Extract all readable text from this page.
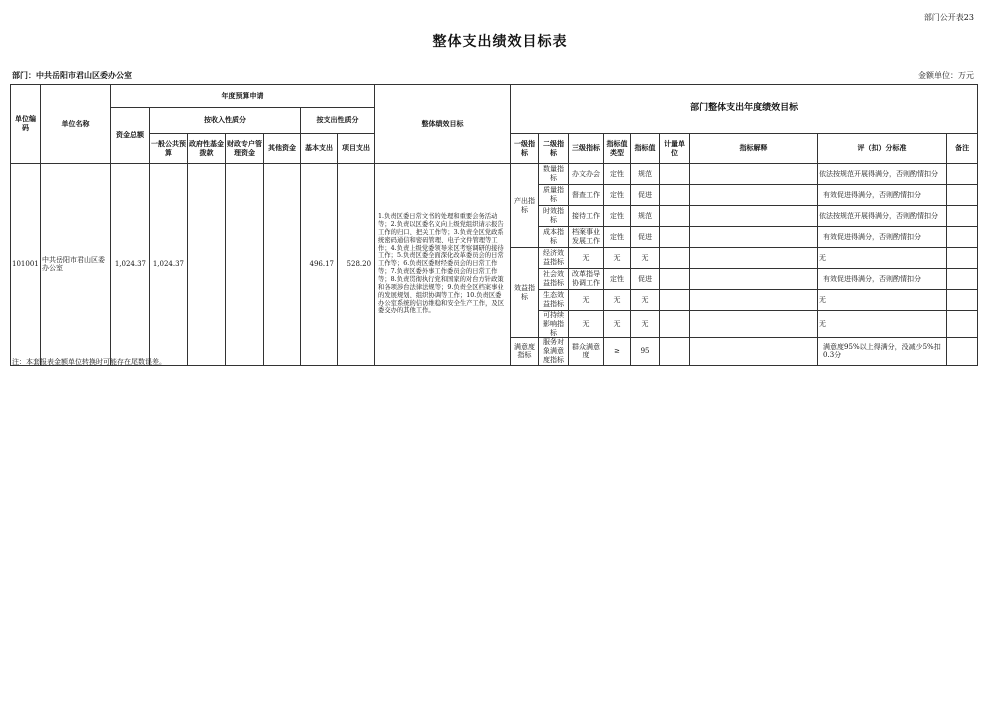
部门公开表23
整体支出绩效目标表
部门：中共岳阳市君山区委办公室	金额单位：万元
单位编码	单位名称	年度预算申请							整体绩效目标	部门整体支出年度绩效目标								
		资金总额	按收入性质分				按支出性质分											
			一般公共预算	政府性基金拨款	财政专户管理资金	其他资金	基本支出	项目支出		一级指标	二级指标	三级指标	指标值类型	指标值	计量单位	指标解释	评（扣）分标准	备注
101001	中共岳阳市君山区委办公室	1,024.37	1,024.37				496.17	528.20	1.负责区委日常文书的处理和重要会务活动等；2.负责以区委名义向上级党组织请示报告工作的归口、把关工作等；3.负责全区党政系统密码通信和密码管理、电子文件管理等工作；4.负责上级党委领导来区考察调研的接待工作；5.负责区委全面深化改革委员会的日常工作等；6.负责区委财经委员会的日常工作等；7.负责区委外事工作委员会的日常工作等；8.负责贯彻执行党和国家的对台方针政策和各项涉台法律法规等；9.负责全区档案事业的发展规划、组织协调等工作；10.负责区委办公室系统的信访维稳和安全生产工作，及区委交办的其他工作。	产出指标	数量指标	办文办会	定性	规范			依法按规范开展得满分，否则酌情扣分	
											质量指标	督查工作	定性	促进			有效促进得满分，否则酌情扣分	
											时效指标	接待工作	定性	规范			依法按规范开展得满分，否则酌情扣分	
											成本指标	档案事业发展工作	定性	促进			有效促进得满分，否则酌情扣分	
										效益指标	经济效益指标	无	无	无			无	
											社会效益指标	改革指导协调工作	定性	促进			有效促进得满分，否则酌情扣分	
											生态效益指标	无	无	无			无	
											可持续影响指标	无	无	无			无	
										满意度指标	服务对象满意度指标	群众满意度	≥	95			满意度95%以上得满分，没减少5%扣0.3分	
注：本套报表金额单位转换时可能存在尾数误差。
